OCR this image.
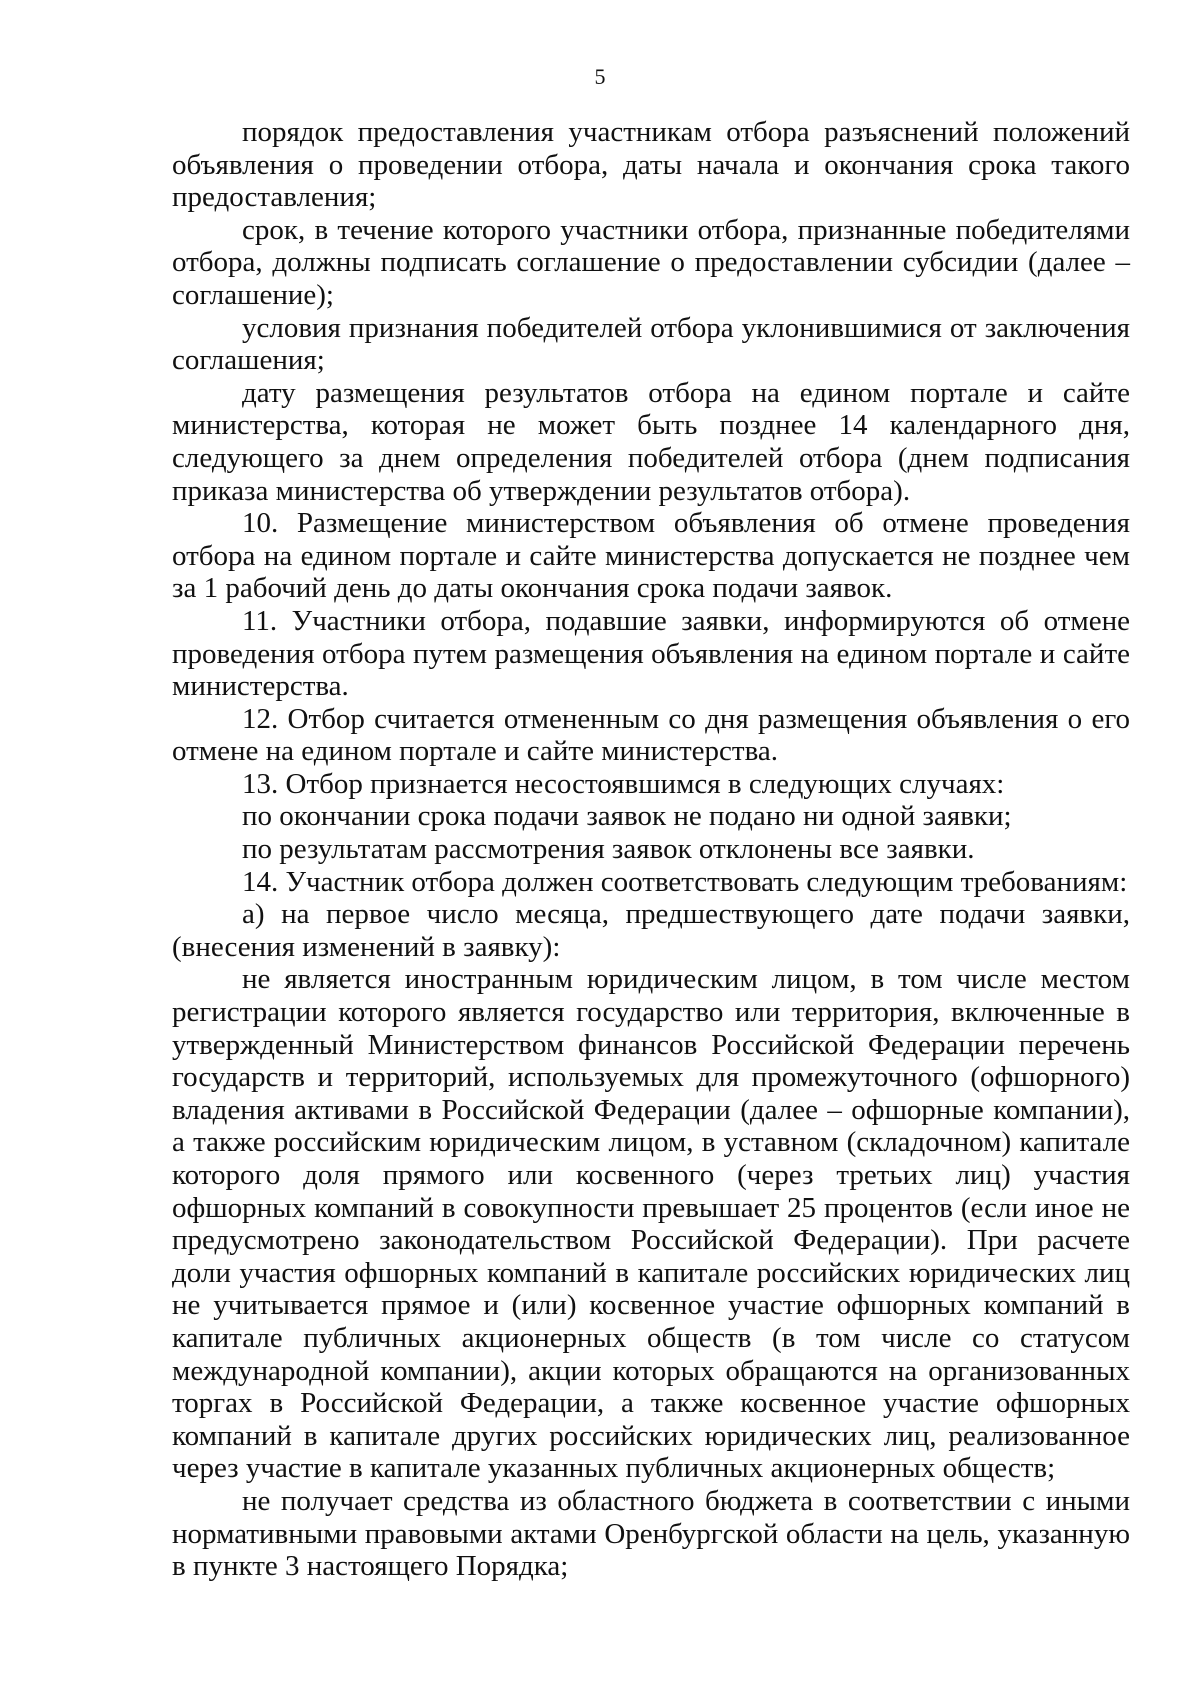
5

порядок предоставления участникам отбора разъяснений положений объявления о проведении отбора, даты начала и окончания срока такого предоставления;

срок, в течение которого участники отбора, признанные победителями отбора, должны подписать соглашение о предоставлении субсидии (далее – соглашение);

условия признания победителей отбора уклонившимися от заключения соглашения;

дату размещения результатов отбора на едином портале и сайте министерства, которая не может быть позднее 14 календарного дня, следующего за днем определения победителей отбора (днем подписания приказа министерства об утверждении результатов отбора).

10. Размещение министерством объявления об отмене проведения отбора на едином портале и сайте министерства допускается не позднее чем за 1 рабочий день до даты окончания срока подачи заявок.

11. Участники отбора, подавшие заявки, информируются об отмене проведения отбора путем размещения объявления на едином портале и сайте министерства.

12. Отбор считается отмененным со дня размещения объявления о его отмене на едином портале и сайте министерства.

13. Отбор признается несостоявшимся в следующих случаях:

по окончании срока подачи заявок не подано ни одной заявки;

по результатам рассмотрения заявок отклонены все заявки.

14. Участник отбора должен соответствовать следующим требованиям:

а) на первое число месяца, предшествующего дате подачи заявки, (внесения изменений в заявку):

не является иностранным юридическим лицом, в том числе местом регистрации которого является государство или территория, включенные в утвержденный Министерством финансов Российской Федерации перечень государств и территорий, используемых для промежуточного (офшорного) владения активами в Российской Федерации (далее – офшорные компании), а также российским юридическим лицом, в уставном (складочном) капитале которого доля прямого или косвенного (через третьих лиц) участия офшорных компаний в совокупности превышает 25 процентов (если иное не предусмотрено законодательством Российской Федерации). При расчете доли участия офшорных компаний в капитале российских юридических лиц не учитывается прямое и (или) косвенное участие офшорных компаний в капитале публичных акционерных обществ (в том числе со статусом международной компании), акции которых обращаются на организованных торгах в Российской Федерации, а также косвенное участие офшорных компаний в капитале других российских юридических лиц, реализованное через участие в капитале указанных публичных акционерных обществ;

не получает средства из областного бюджета в соответствии с иными нормативными правовыми актами Оренбургской области на цель, указанную в пункте 3 настоящего Порядка;
